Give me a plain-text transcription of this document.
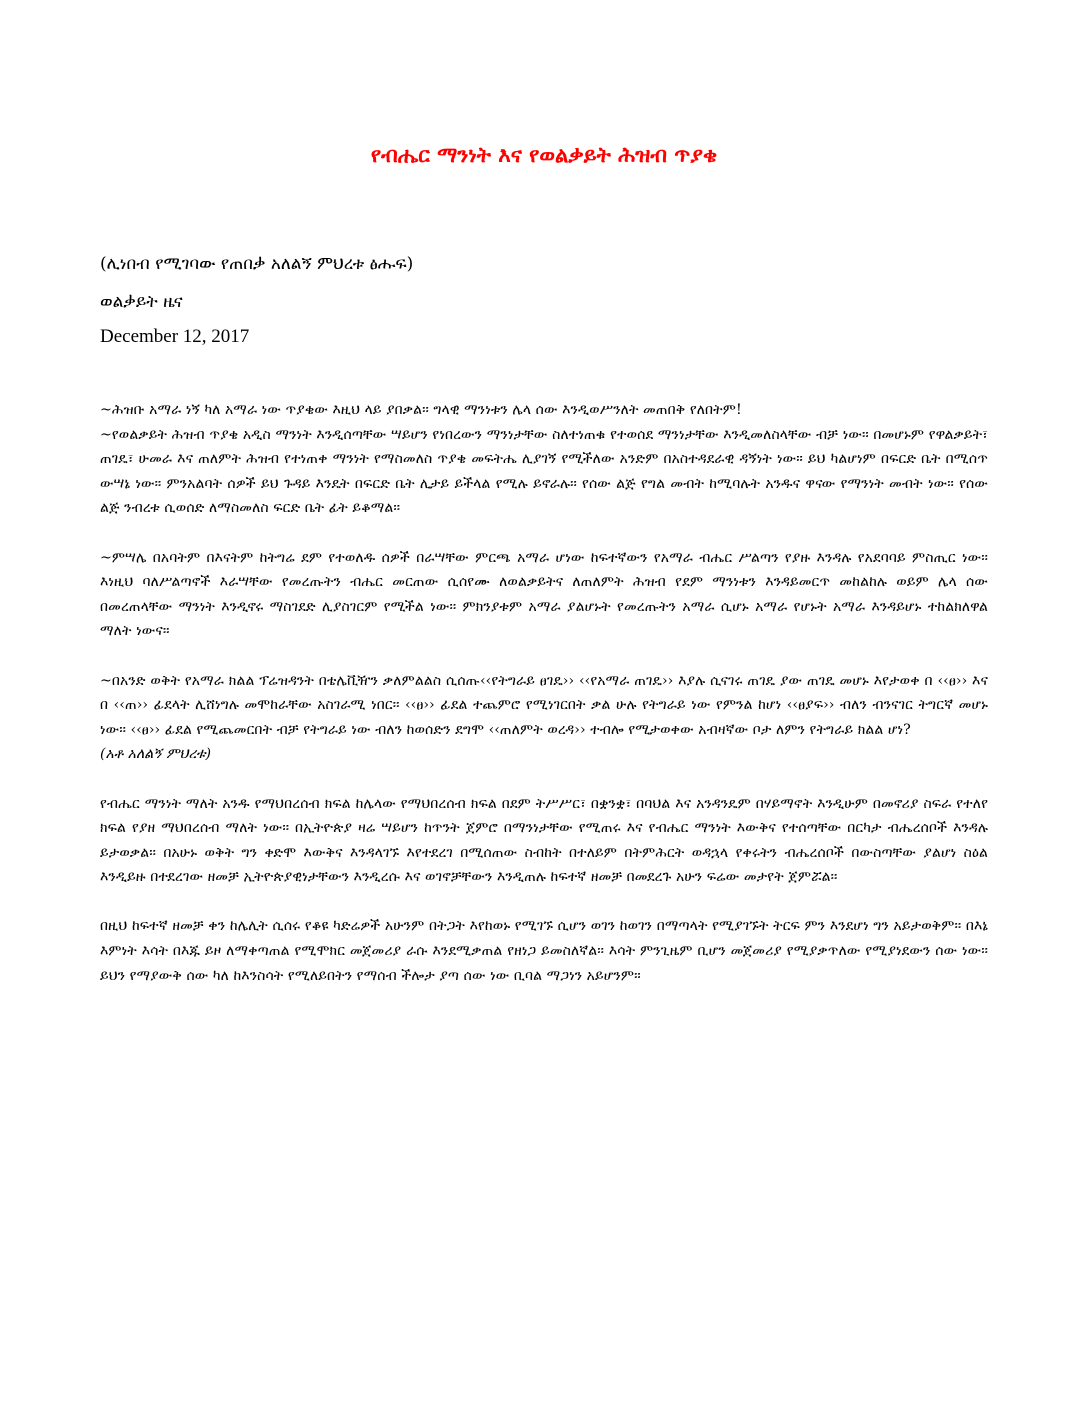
የብሔር ማንነት እና የወልቃይት ሕዝብ ጥያቄ
(ሊነበብ የሚገባው የጠበቃ አለልኝ ምህረቱ ፅሑፍ)
ወልቃይት ዜና
December 12, 2017

~ሕዝቡ አማራ ነኝ ካለ አማራ ነው ጥያቄው እዚህ ላይ ያበቃል፡፡ ግላዊ ማንነቱን ሌላ ሰው እንዲወሥንለት መጠበቅ የለበትም!

~የወልቃይት ሕዝብ ጥያቄ አዲስ ማንነት እንዲሰጣቸው ሣይሆን የነበረውን ማንነታቸው ስለተነጠቁ የተወሰደ ማንነታቸው እንዲመለስላቸው ብቻ ነው፡፡ በመሆኑም የዋልቃይት፣ ጠገዴ፣ ሁመራ እና ጠለምት ሕዝብ የተነጠቀ ማንነት የማስመለስ ጥያቄ መፍትሔ ሊያገኝ የሚችለው አንድም በአስተዳደራዊ ዳኝነት ነው። ይህ ካልሆነም በፍርድ ቤት በሚሰጥ ውሣኔ ነው፡፡ ምንአልባት ሰዎች ይህ ጉዳይ እንዴት በፍርድ ቤት ሊታይ ይችላል የሚሉ ይኖራሉ፡፡ የሰው ልጅ የግል መብት ከሚባሉት አንዱና ዋናው የማንነት መብት ነው፡፡ የሰው ልጅ ንብረቱ ሲወሰድ ለማስመለስ ፍርድ ቤት ፊት ይቆማል፡፡

~ምሣሌ በአባትም በእናትም ከትግሬ ደም የተወለዱ ሰዎች በራሣቸው ምርጫ አማራ ሆነው ከፍተኛውን የአማራ ብሔር ሥልጣን የያዙ እንዳሉ የአደባባይ ምስጢር ነው፡፡ እነዚህ ባለሥልጣኖች እራሣቸው የመረጡትን ብሔር መርጠው ሲሰየሙ ለወልቃይትና ለጠለምት ሕዝብ የደም ማንነቱን እንዳይመርጥ መከልከሉ ወይም ሌላ ሰው በመረጠላቸው ማንነት እንዲኖሩ ማስገደድ ሊያስገርም የሚችል ነው፡፡ ምክንያቱም አማራ ያልሆኑት የመረጡትን አማራ ሲሆኑ አማራ የሆኑት አማራ እንዳይሆኑ ተከልክለዋል ማለት ነውና፡፡

~በአንድ ወቅት የአማራ ክልል ፕሬዝዳንት በቴሌቪዥን ቃለምልልስ ሲሰጡ‹‹የትግራይ ፀገዴ›› ‹‹የአማራ ጠገዴ›› እያሉ ሲናገሩ ጠገዴ ያው ጠገዴ መሆኑ እየታወቀ በ ‹‹ፀ›› እና በ ‹‹ጠ›› ፊደላት ሊሸነግሉ መሞከራቸው አስገራሚ ነበር፡፡ ‹‹ፀ›› ፊደል ተጨምሮ የሚነገርበት ቃል ሁሉ የትግራይ ነው የምንል ከሆነ ‹‹ፀያፍ›› ብለን ብንናገር ትግርኛ መሆኑ ነው፡፡ ‹‹ፀ›› ፊደል የሚጨመርበት ብቻ የትግራይ ነው ብለን ከወሰድን ደግሞ ‹‹ጠለምት ወረዳ›› ተብሎ የሚታወቀው አብዛኛው ቦታ ለምን የትግራይ ክልል ሆነ?

(አቶ አለልኝ ምህረቱ)

የብሔር ማንነት ማለት አንዱ የማህበረሰብ ክፍል ከሌላው የማህበረሰብ ክፍል በደም ትሥሥር፣ በቋንቋ፣ በባህል እና አንዳንዴም በሃይማኖት እንዲሁም በመኖሪያ ስፍራ የተለየ ክፍል የያዘ ማህበረሰብ ማለት ነው፡፡ በኢትዮጵያ ዛሬ ሣይሆን ከጥንት ጀምሮ በማንነታቸው የሚጠሩ እና የብሔር ማንነት እውቅና የተሰጣቸው በርካታ ብሔረሰቦች እንዳሉ ይታወቃል፡፡ በአሁኑ ወቅት ግን ቀድሞ እውቅና እንዳላገኙ እየተደረገ በሚሰጠው ስብከት በተለይም በትምሕርት ወዳኋላ የቀሩትን ብሔረሰቦች በውስጣቸው ያልሆነ ስዕል እንዲይዙ በተደረገው ዘመቻ ኢትዮጵያዊነታቸውን እንዲረሱ እና ወገኖቻቸውን እንዲጠሉ ከፍተኛ ዘመቻ በመደረጉ አሁን ፍሬው መታየት ጀምሯል፡፡

በዚህ ከፍተኛ ዘመቻ ቀን ከሌሊት ሲሰሩ የቆዩ ካድሬዎች አሁንም በትጋት እየከወኑ የሚገኙ ሲሆን ወገን ከወገን በማጣላት የሚያገኙት ትርፍ ምን እንደሆነ ግን አይታወቅም፡፡ በእኔ እምነት እሳት በእጁ ይዞ ለማቀጣጠል የሚሞክር መጀመሪያ ራሱ እንደሚቃጠል የዘነጋ ይመስለኛል፡፡ እሳት ምንጊዜም ቢሆን መጀመሪያ የሚያቃጥለው የሚያነደውን ሰው ነው፡፡ ይህን የማያውቅ ሰው ካለ ከእንስሳት የሚለይበትን የማሰብ ችሎታ ያጣ ሰው ነው ቢባል ማጋነን አይሆንም፡፡
